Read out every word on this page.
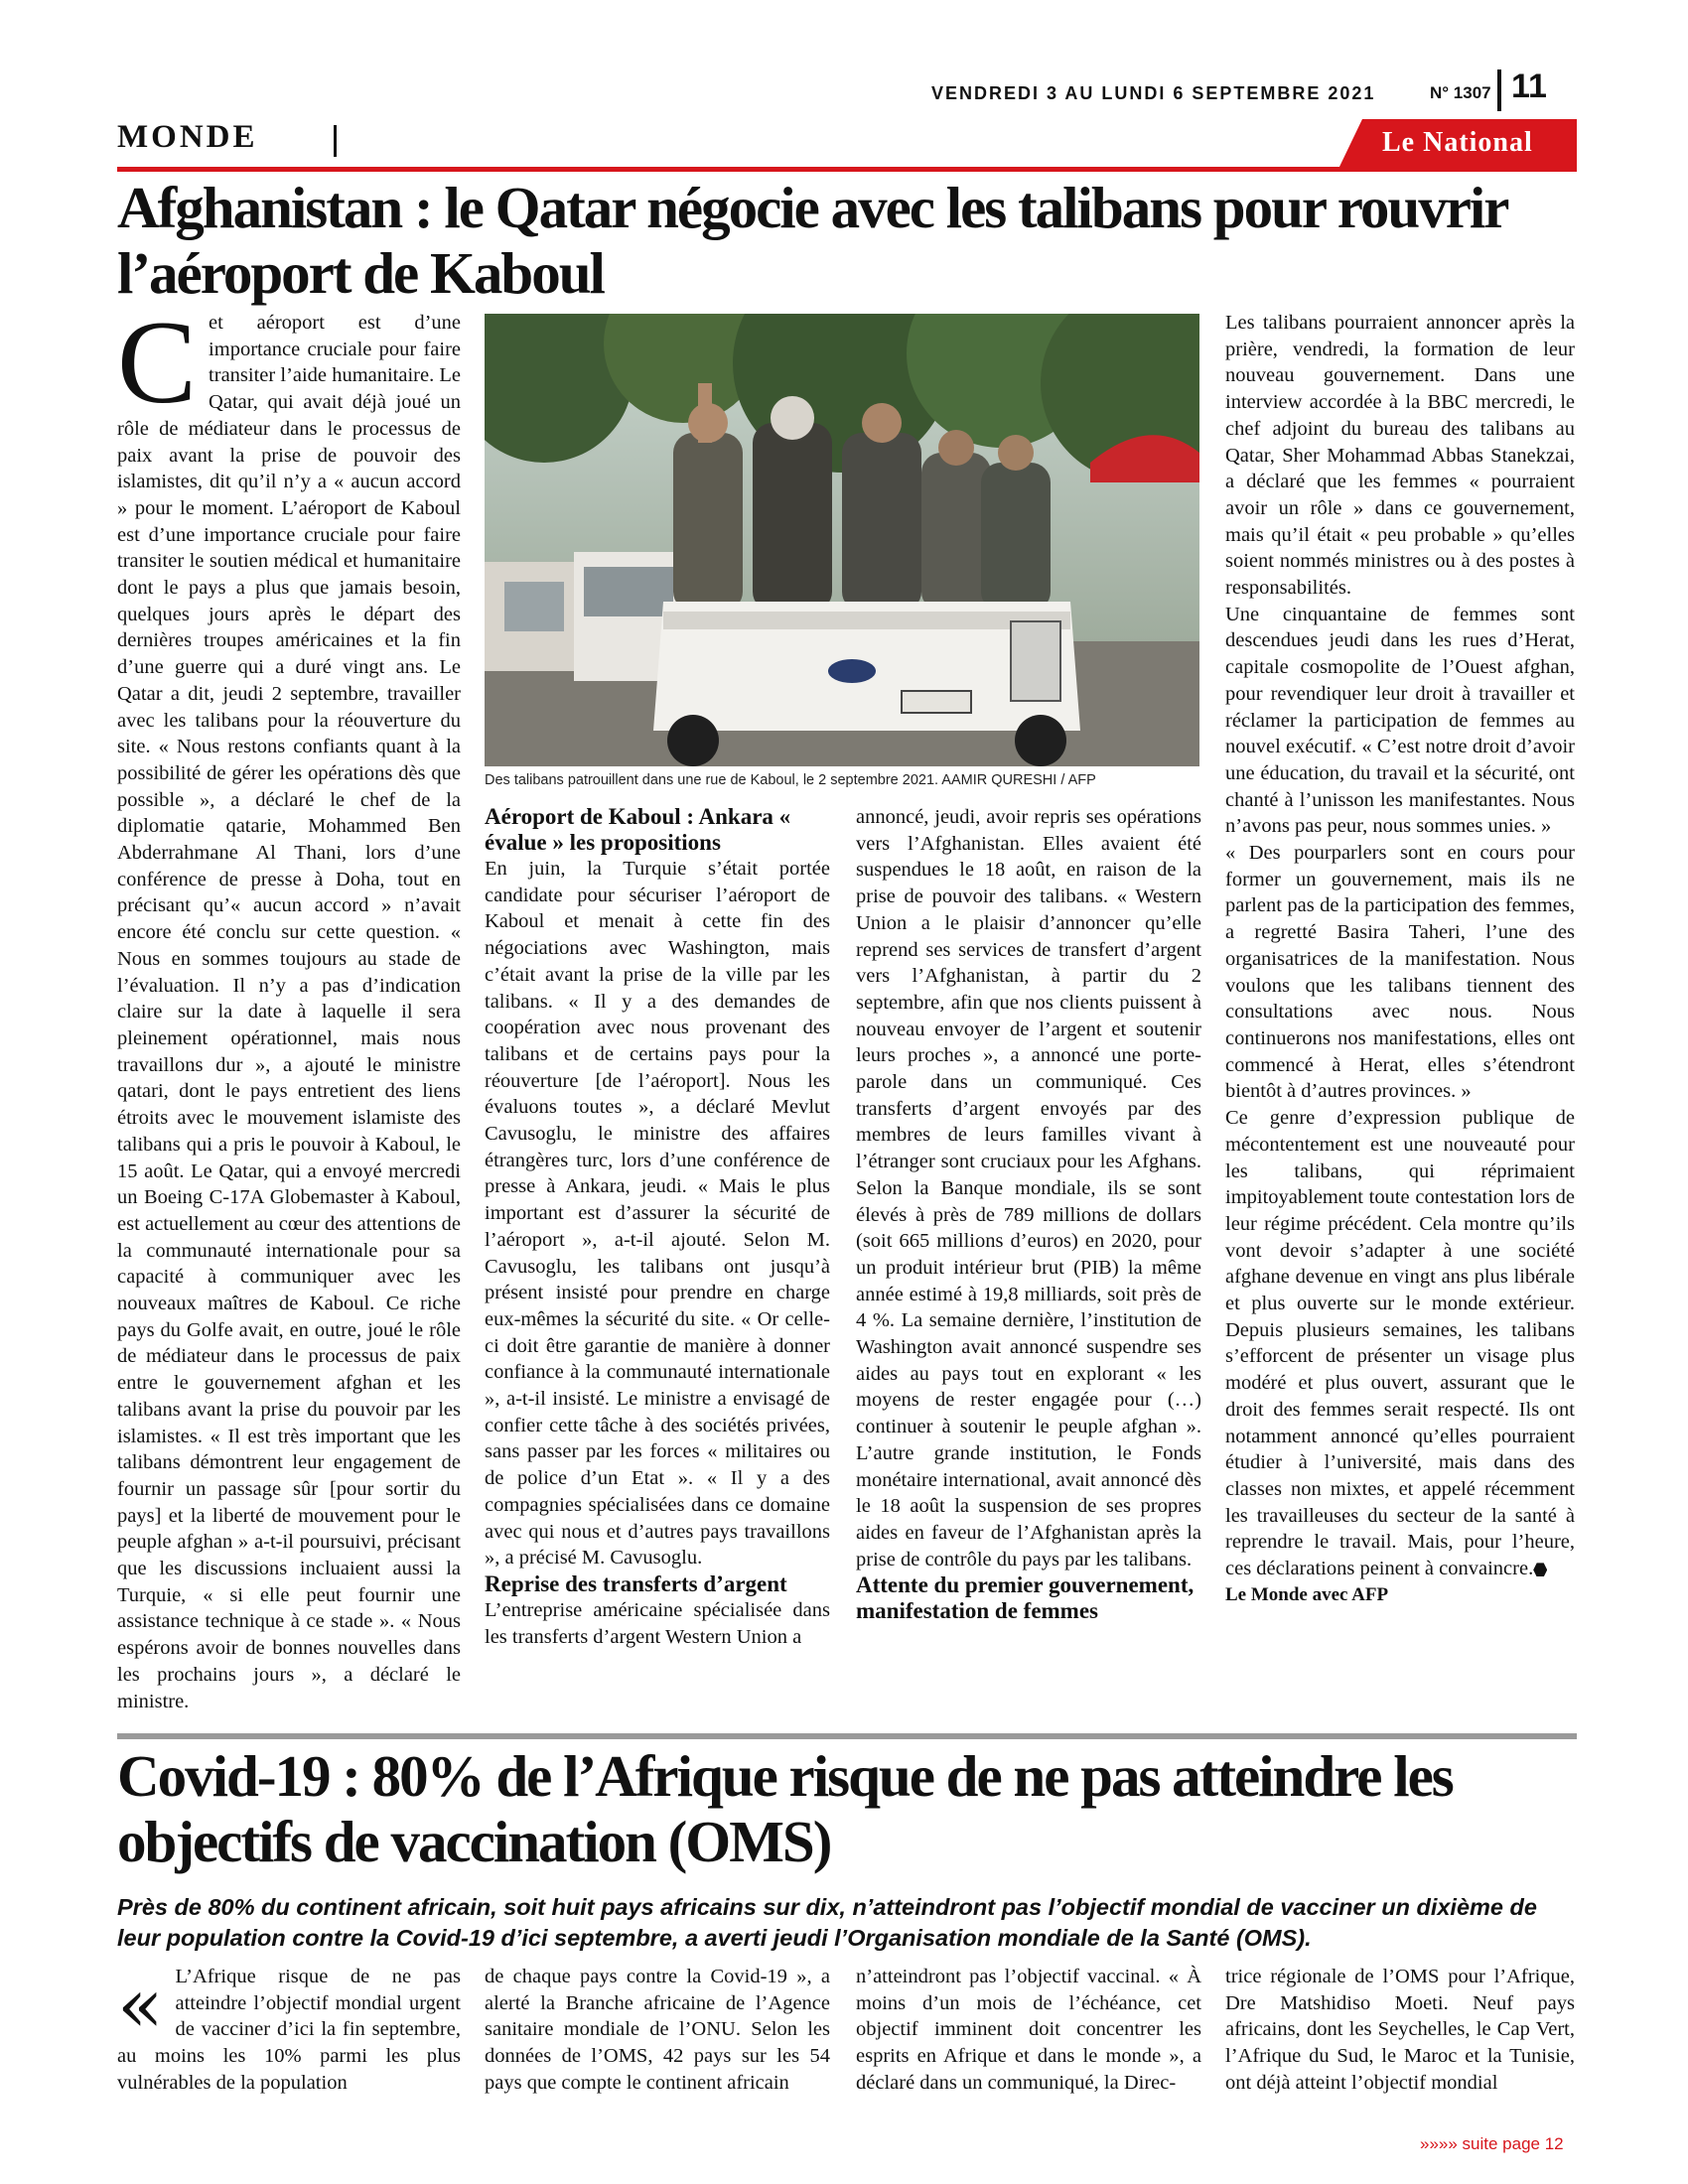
VENDREDI 3 AU LUNDI 6 SEPTEMBRE 2021	N° 1307 11
MONDE	Le National
Afghanistan : le Qatar négocie avec les talibans pour rouvrir l’aéroport de Kaboul
C et aéroport est d’une importance cruciale pour faire transiter l’aide humanitaire. Le Qatar, qui avait déjà joué un rôle de médiateur dans le processus de paix avant la prise de pouvoir des islamistes, dit qu’il n’y a « aucun accord » pour le moment. L’aéroport de Kaboul est d’une importance cruciale pour faire transiter le soutien médical et humanitaire dont le pays a plus que jamais besoin, quelques jours après le départ des dernières troupes américaines et la fin d’une guerre qui a duré vingt ans. Le Qatar a dit, jeudi 2 septembre, travailler avec les talibans pour la réouverture du site. « Nous restons confiants quant à la possibilité de gérer les opérations dès que possible », a déclaré le chef de la diplomatie qatarie, Mohammed Ben Abderrahmane Al Thani, lors d’une conférence de presse à Doha, tout en précisant qu’« aucun accord » n’avait encore été conclu sur cette question. « Nous en sommes toujours au stade de l’évaluation. Il n’y a pas d’indication claire sur la date à laquelle il sera pleinement opérationnel, mais nous travaillons dur », a ajouté le ministre qatari, dont le pays entretient des liens étroits avec le mouvement islamiste des talibans qui a pris le pouvoir à Kaboul, le 15 août. Le Qatar, qui a envoyé mercredi un Boeing C-17A Globemaster à Kaboul, est actuellement au cœur des attentions de la communauté internationale pour sa capacité à communiquer avec les nouveaux maîtres de Kaboul. Ce riche pays du Golfe avait, en outre, joué le rôle de médiateur dans le processus de paix entre le gouvernement afghan et les talibans avant la prise du pouvoir par les islamistes. « Il est très important que les talibans démontrent leur engagement de fournir un passage sûr [pour sortir du pays] et la liberté de mouvement pour le peuple afghan » a-t-il poursuivi, précisant que les discussions incluaient aussi la Turquie, « si elle peut fournir une assistance technique à ce stade ». « Nous espérons avoir de bonnes nouvelles dans les prochains jours », a déclaré le ministre.
Des talibans patrouillent dans une rue de Kaboul, le 2 septembre 2021. AAMIR QURESHI / AFP

Aéroport de Kaboul : Ankara « évalue » les propositions

En juin, la Turquie s’était portée candidate pour sécuriser l’aéroport de Kaboul et menait à cette fin des négociations avec Washington, mais c’était avant la prise de la ville par les talibans. « Il y a des demandes de coopération avec nous provenant des talibans et de certains pays pour la réouverture [de l’aéroport]. Nous les évaluons toutes », a déclaré Mevlut Cavusoglu, le ministre des affaires étrangères turc, lors d’une conférence de presse à Ankara, jeudi. « Mais le plus important est d’assurer la sécurité de l’aéroport », a-t-il ajouté. Selon M. Cavusoglu, les talibans ont jusqu’à présent insisté pour prendre en charge eux-mêmes la sécurité du site. « Or celle-ci doit être garantie de manière à donner confiance à la communauté internationale », a-t-il insisté. Le ministre a envisagé de confier cette tâche à des sociétés privées, sans passer par les forces « militaires ou de police d’un Etat ». « Il y a des compagnies spécialisées dans ce domaine avec qui nous et d’autres pays travaillons », a précisé M. Cavusoglu.

Reprise des transferts d’argent

L’entreprise américaine spécialisée dans les transferts d’argent Western Union a

annoncé, jeudi, avoir repris ses opérations vers l’Afghanistan. Elles avaient été suspendues le 18 août, en raison de la prise de pouvoir des talibans. « Western Union a le plaisir d’annoncer qu’elle reprend ses services de transfert d’argent vers l’Afghanistan, à partir du 2 septembre, afin que nos clients puissent à nouveau envoyer de l’argent et soutenir leurs proches », a annoncé une porte-parole dans un communiqué. Ces transferts d’argent envoyés par des membres de leurs familles vivant à l’étranger sont cruciaux pour les Afghans. Selon la Banque mondiale, ils se sont élevés à près de 789 millions de dollars (soit 665 millions d’euros) en 2020, pour un produit intérieur brut (PIB) la même année estimé à 19,8 milliards, soit près de 4 %. La semaine dernière, l’institution de Washington avait annoncé suspendre ses aides au pays tout en explorant « les moyens de rester engagée pour (…) continuer à soutenir le peuple afghan ». L’autre grande institution, le Fonds monétaire international, avait annoncé dès le 18 août la suspension de ses propres aides en faveur de l’Afghanistan après la prise de contrôle du pays par les talibans.

Attente du premier gouvernement, manifestation de femmes

Les talibans pourraient annoncer après la prière, vendredi, la formation de leur nouveau gouvernement. Dans une interview accordée à la BBC mercredi, le chef adjoint du bureau des talibans au Qatar, Sher Mohammad Abbas Stanekzai, a déclaré que les femmes « pourraient avoir un rôle » dans ce gouvernement, mais qu’il était « peu probable » qu’elles soient nommés ministres ou à des postes à responsabilités.

Une cinquantaine de femmes sont descendues jeudi dans les rues d’Herat, capitale cosmopolite de l’Ouest afghan, pour revendiquer leur droit à travailler et réclamer la participation de femmes au nouvel exécutif. « C’est notre droit d’avoir une éducation, du travail et la sécurité, ont chanté à l’unisson les manifestantes. Nous n’avons pas peur, nous sommes unies. »

« Des pourparlers sont en cours pour former un gouvernement, mais ils ne parlent pas de la participation des femmes, a regretté Basira Taheri, l’une des organisatrices de la manifestation. Nous voulons que les talibans tiennent des consultations avec nous. Nous continuerons nos manifestations, elles ont commencé à Herat, elles s’étendront bientôt à d’autres provinces. »

Ce genre d’expression publique de mécontentement est une nouveauté pour les talibans, qui réprimaient impitoyablement toute contestation lors de leur régime précédent. Cela montre qu’ils vont devoir s’adapter à une société afghane devenue en vingt ans plus libérale et plus ouverte sur le monde extérieur. Depuis plusieurs semaines, les talibans s’efforcent de présenter un visage plus modéré et plus ouvert, assurant que le droit des femmes serait respecté. Ils ont notamment annoncé qu’elles pourraient étudier à l’université, mais dans des classes non mixtes, et appelé récemment les travailleuses du secteur de la santé à reprendre le travail. Mais, pour l’heure, ces déclarations peinent à convaincre.

Le Monde avec AFP

Covid-19 : 80% de l’Afrique risque de ne pas atteindre les objectifs de vaccination (OMS)

Près de 80% du continent africain, soit huit pays africains sur dix, n’atteindront pas l’objectif mondial de vacciner un dixième de leur population contre la Covid-19 d’ici septembre, a averti jeudi l’Organisation mondiale de la Santé (OMS).

« L’Afrique risque de ne pas atteindre l’objectif mondial urgent de vacciner d’ici la fin septembre, au moins les 10% parmi les plus vulnérables de la population
de chaque pays contre la Covid-19 », a alerté la Branche africaine de l’Agence sanitaire mondiale de l’ONU. Selon les données de l’OMS, 42 pays sur les 54 pays que compte le continent africain
n’atteindront pas l’objectif vaccinal. « À moins d’un mois de l’échéance, cet objectif imminent doit concentrer les esprits en Afrique et dans le monde », a déclaré dans un communiqué, la Direc-
trice régionale de l’OMS pour l’Afrique, Dre Matshidiso Moeti. Neuf pays africains, dont les Seychelles, le Cap Vert, l’Afrique du Sud, le Maroc et la Tunisie, ont déjà atteint l’objectif mondial
»»»» suite page 12
